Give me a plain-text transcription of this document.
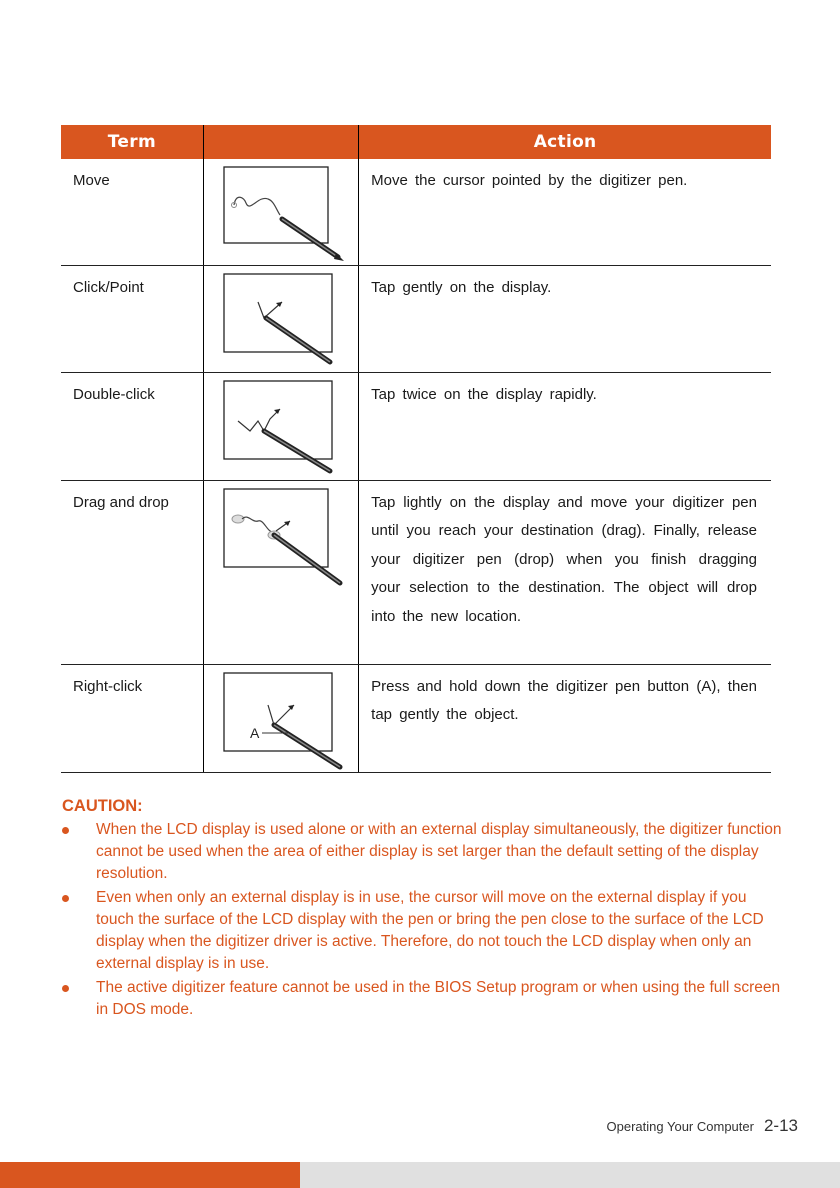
Term		Action
Move		Move the cursor pointed by the digitizer pen.
Click/Point		Tap gently on the display.
Double-click		Tap twice on the display rapidly.
Drag and drop		Tap lightly on the display and move your digitizer pen until you reach your destination (drag). Finally, release your digitizer pen (drop) when you finish dragging your selection to the destination. The object will drop into the new location.
Right-click	A	Press and hold down the digitizer pen button (A), then tap gently the object.
CAUTION:
When the LCD display is used alone or with an external display simultaneously, the digitizer function cannot be used when the area of either display is set larger than the default setting of the display resolution.
Even when only an external display is in use, the cursor will move on the external display if you touch the surface of the LCD display with the pen or bring the pen close to the surface of the LCD display when the digitizer driver is active. Therefore, do not touch the LCD display when only an external display is in use.
The active digitizer feature cannot be used in the BIOS Setup program or when using the full screen in DOS mode.
Operating Your Computer 2-13
